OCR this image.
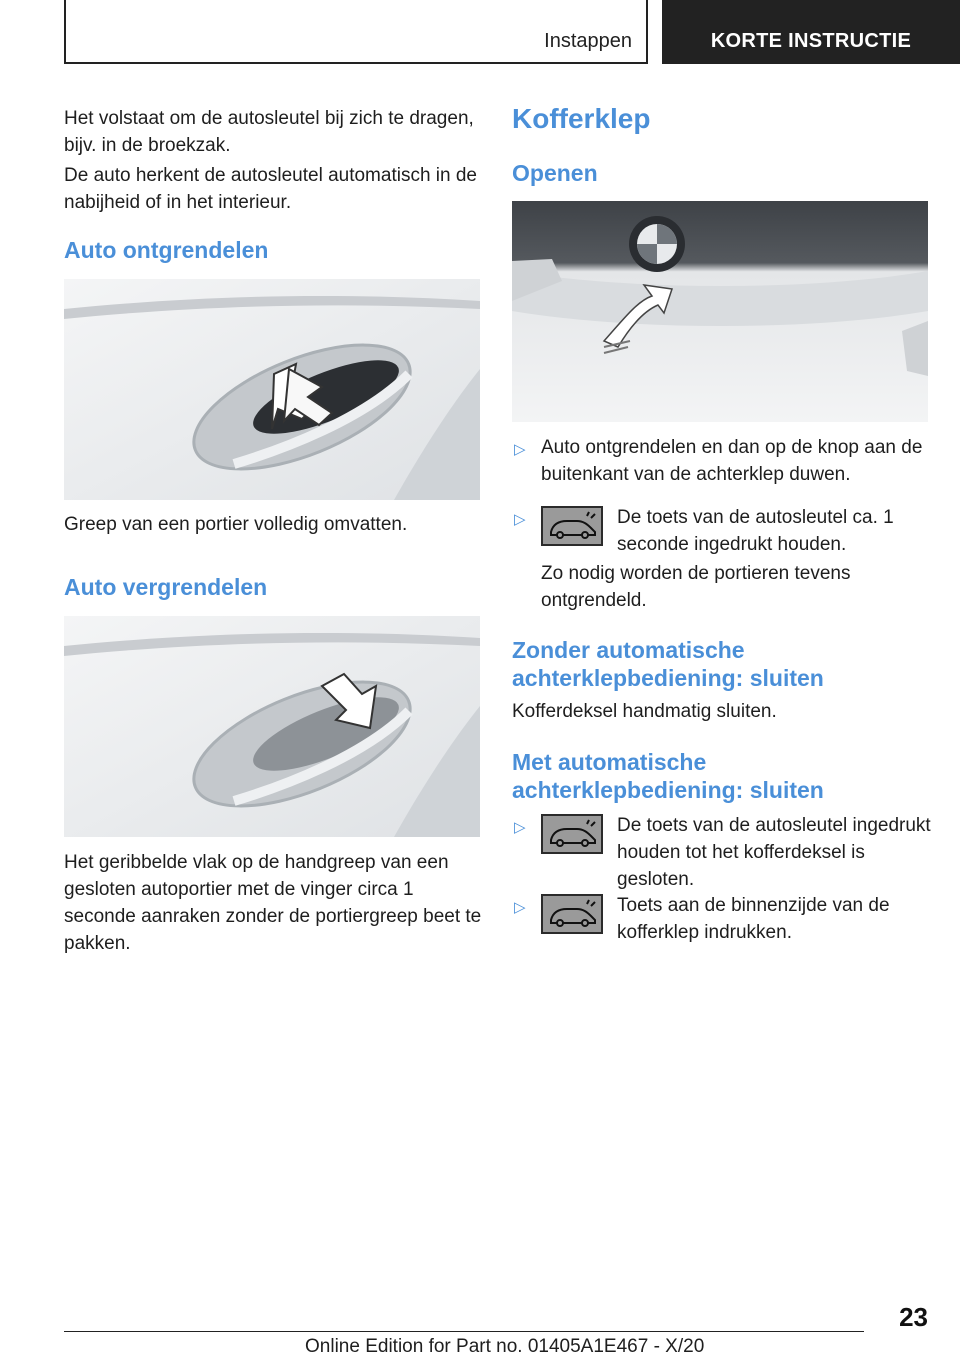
Instappen	KORTE INSTRUCTIE
Het volstaat om de autosleutel bij zich te dragen, bijv. in de broekzak.
De auto herkent de autosleutel automatisch in de nabijheid of in het interieur.
Auto ontgrendelen
Greep van een portier volledig omvatten.
Auto vergrendelen
Het geribbelde vlak op de handgreep van een gesloten autoportier met de vinger circa 1 seconde aanraken zonder de portiergreep beet te pakken.
Kofferklep
Openen
▷ Auto ontgrendelen en dan op de knop aan de buitenkant van de achterklep duwen.
▷	De toets van de autosleutel ca. 1 seconde ingedrukt houden.
Zo nodig worden de portieren tevens ontgrendeld.
Zonder automatische achterklepbediening: sluiten
Kofferdeksel handmatig sluiten.
Met automatische achterklepbediening: sluiten
▷	De toets van de autosleutel ingedrukt houden tot het kofferdeksel is gesloten.
▷	Toets aan de binnenzijde van de kofferklep indrukken.
23
Online Edition for Part no. 01405A1E467 - X/20
